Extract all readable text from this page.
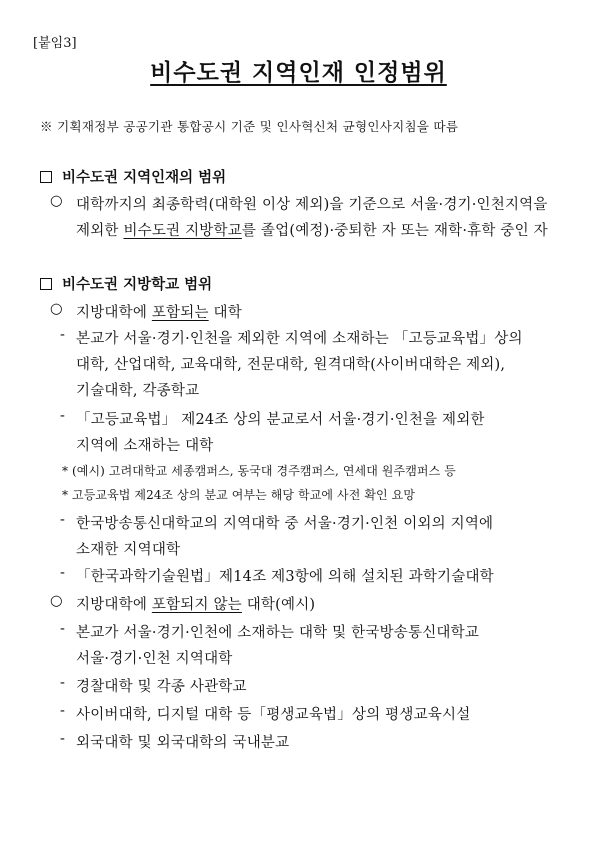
[붙임3]
비수도권 지역인재 인정범위
※ 기획재정부 공공기관 통합공시 기준 및 인사혁신처 균형인사지침을 따름
비수도권 지역인재의 범위
○ 대학까지의 최종학력(대학원 이상 제외)을 기준으로 서울·경기·인천지역을
제외한 비수도권 지방학교를 졸업(예정)·중퇴한 자 또는 재학·휴학 중인 자
비수도권 지방학교 범위
○ 지방대학에 포함되는 대학
- 본교가 서울·경기·인천을 제외한 지역에 소재하는 「고등교육법」상의
대학, 산업대학, 교육대학, 전문대학, 원격대학(사이버대학은 제외),
기술대학, 각종학교
- 「고등교육법」 제24조 상의 분교로서 서울·경기·인천을 제외한
지역에 소재하는 대학
* (예시) 고려대학교 세종캠퍼스, 동국대 경주캠퍼스, 연세대 원주캠퍼스 등
* 고등교육법 제24조 상의 분교 여부는 해당 학교에 사전 확인 요망
- 한국방송통신대학교의 지역대학 중 서울·경기·인천 이외의 지역에
소재한 지역대학
- 「한국과학기술원법」제14조 제3항에 의해 설치된 과학기술대학
○ 지방대학에 포함되지 않는 대학(예시)
- 본교가 서울·경기·인천에 소재하는 대학 및 한국방송통신대학교
서울·경기·인천 지역대학
- 경찰대학 및 각종 사관학교
- 사이버대학, 디지털 대학 등「평생교육법」상의 평생교육시설
- 외국대학 및 외국대학의 국내분교
